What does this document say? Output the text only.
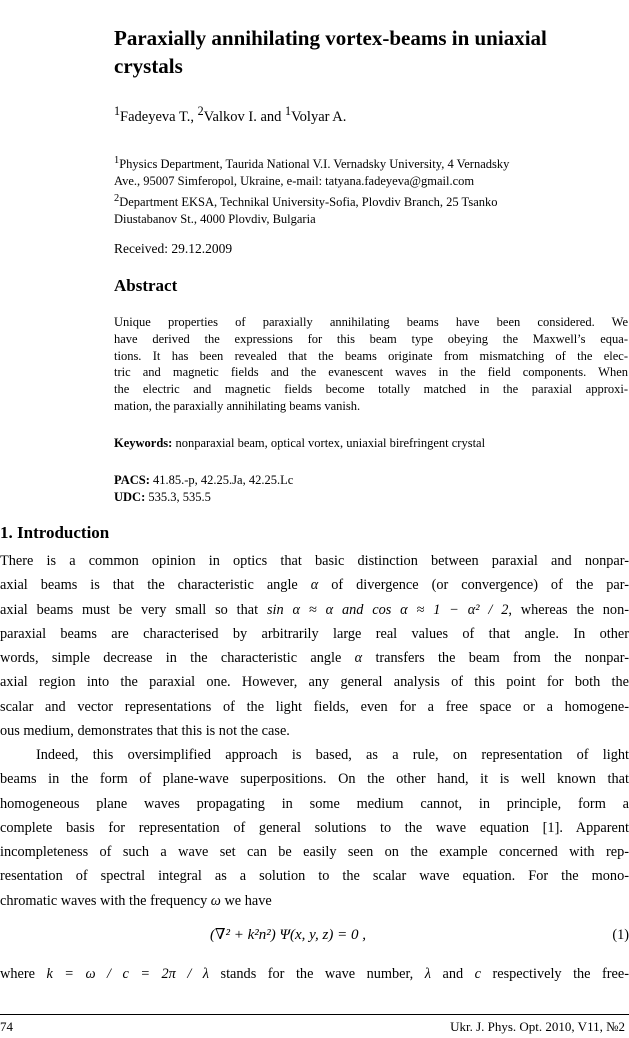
Paraxially annihilating vortex-beams in uniaxial crystals
$^1$Fadeyeva T., $^2$Valkov I. and $^1$Volyar A.
$^1$Physics Department, Taurida National V.I. Vernadsky University, 4 Vernadsky
Ave., 95007 Simferopol, Ukraine, e-mail: tatyana.fadeyeva@gmail.com
$^2$Department EKSA, Technikal University-Sofia, Plovdiv Branch, 25 Tsanko
Diustabanov St., 4000 Plovdiv, Bulgaria
Received: 29.12.2009
Abstract
Unique properties of paraxially annihilating beams have been considered. We
have derived the expressions for this beam type obeying the Maxwell’s equa-
tions. It has been revealed that the beams originate from mismatching of the elec-
tric and magnetic fields and the evanescent waves in the field components. When
the electric and magnetic fields become totally matched in the paraxial approxi-
mation, the paraxially annihilating beams vanish.
Keywords: nonparaxial beam, optical vortex, uniaxial birefringent crystal
PACS: 41.85.-p, 42.25.Ja, 42.25.Lc
UDC: 535.3, 535.5
1. Introduction
There is a common opinion in optics that basic distinction between paraxial and nonpar-
axial beams is that the characteristic angle α of divergence (or convergence) of the par-
axial beams must be very small so that sin α ≈ α and cos α ≈ 1 − α² / 2, whereas the non-
paraxial beams are characterised by arbitrarily large real values of that angle. In other
words, simple decrease in the characteristic angle α transfers the beam from the nonpar-
axial region into the paraxial one. However, any general analysis of this point for both the
scalar and vector representations of the light fields, even for a free space or a homogene-
ous medium, demonstrates that this is not the case.
Indeed, this oversimplified approach is based, as a rule, on representation of light
beams in the form of plane-wave superpositions. On the other hand, it is well known that
homogeneous plane waves propagating in some medium cannot, in principle, form a
complete basis for representation of general solutions to the wave equation [1]. Apparent
incompleteness of such a wave set can be easily seen on the example concerned with rep-
resentation of spectral integral as a solution to the scalar wave equation. For the mono-
chromatic waves with the frequency ω we have
(∇² + k²n²) Ψ(x, y, z) = 0 ,	(1)
where k = ω / c = 2π / λ stands for the wave number, λ and c respectively the free-
74	Ukr. J. Phys. Opt. 2010, V11, №2
